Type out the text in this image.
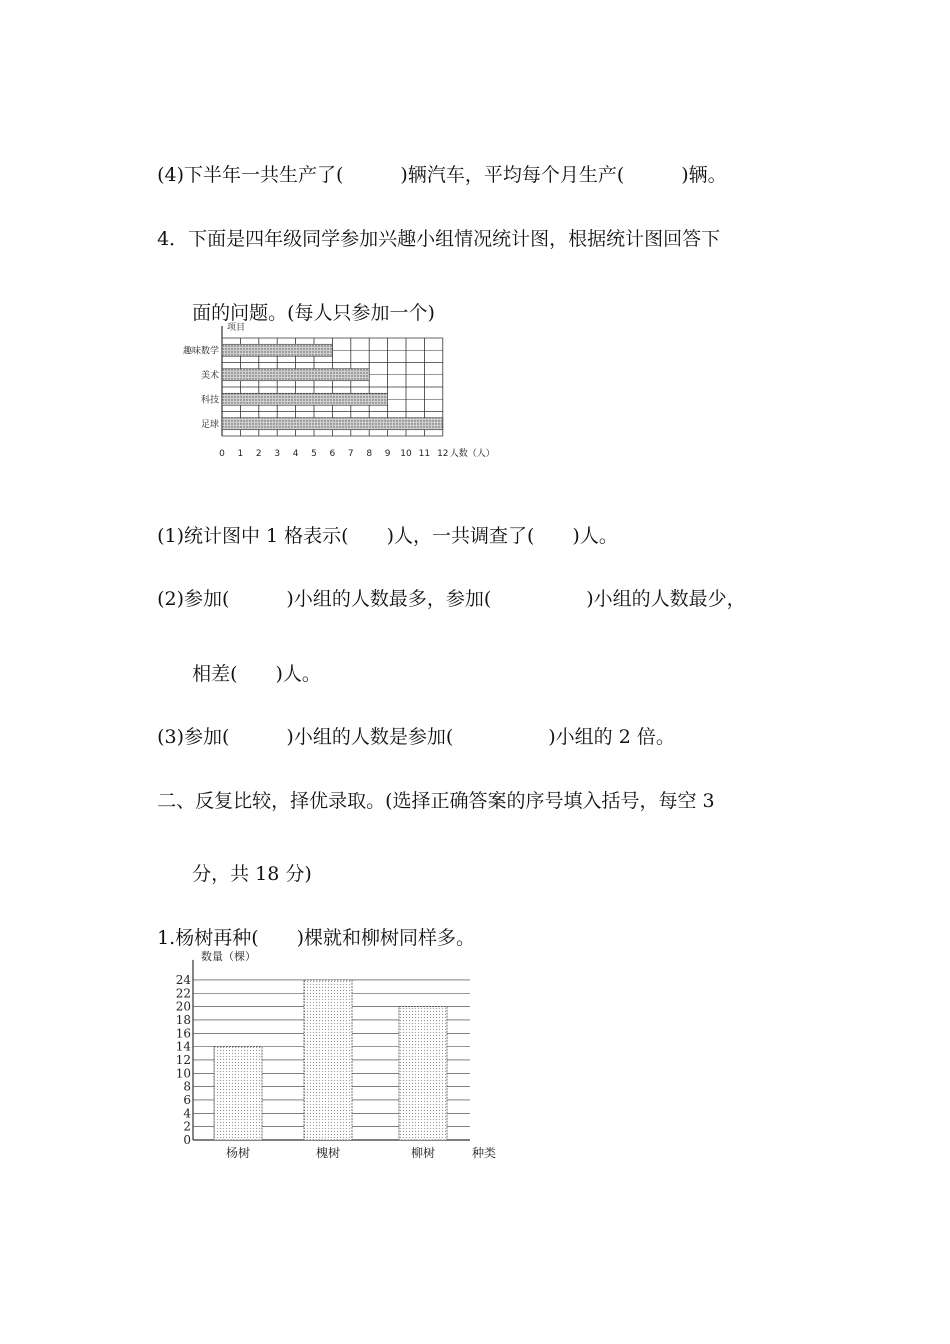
(4)下半年一共生产了(　　　)辆汽车，平均每个月生产(　　　)辆。

4．下面是四年级同学参加兴趣小组情况统计图，根据统计图回答下

面的问题。(每人只参加一个)

项目
趣味数学
美术
科技
足球
0 1 2 3 4 5 6 7 8 9 10 11 12 人数（人）

(1)统计图中 1 格表示(　　)人，一共调查了(　　)人。

(2)参加(　　　)小组的人数最多，参加(　　　　　)小组的人数最少，

相差(　　)人。

(3)参加(　　　)小组的人数是参加(　　　　　)小组的 2 倍。

二、反复比较，择优录取。(选择正确答案的序号填入括号，每空 3

分，共 18 分)

1.杨树再种(　　)棵就和柳树同样多。

0
2
4
6
8
10
12
14
16
18
20
22
24
数量（棵）
杨树	槐树	柳树	种类
